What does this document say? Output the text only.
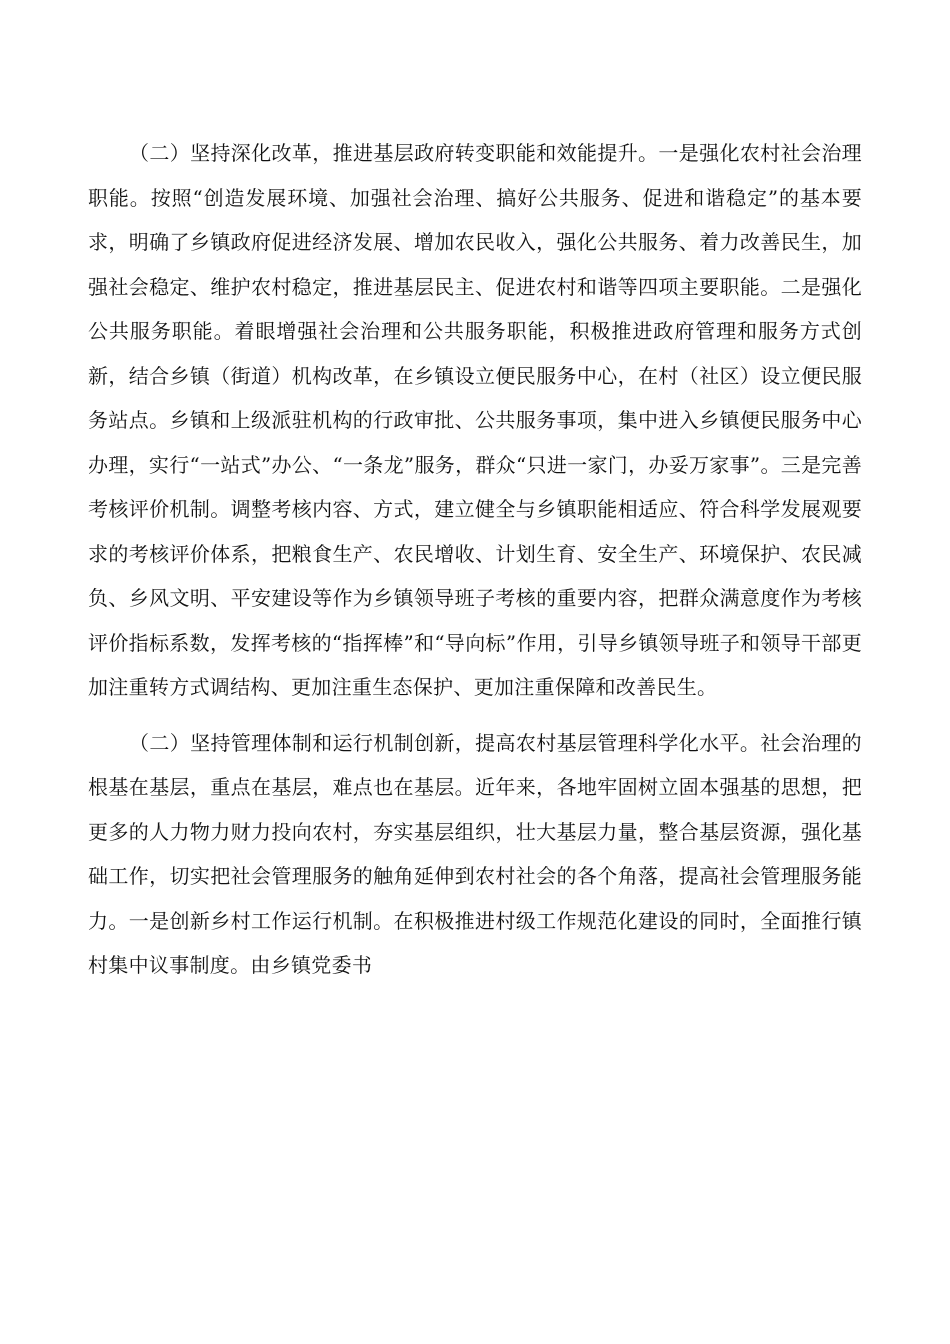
（二）坚持深化改革，推进基层政府转变职能和效能提升。一是强化农村社会治理职能。按照“创造发展环境、加强社会治理、搞好公共服务、促进和谐稳定”的基本要求，明确了乡镇政府促进经济发展、增加农民收入，强化公共服务、着力改善民生，加强社会稳定、维护农村稳定，推进基层民主、促进农村和谐等四项主要职能。二是强化公共服务职能。着眼增强社会治理和公共服务职能，积极推进政府管理和服务方式创新，结合乡镇（街道）机构改革，在乡镇设立便民服务中心，在村（社区）设立便民服务站点。乡镇和上级派驻机构的行政审批、公共服务事项，集中进入乡镇便民服务中心办理，实行“一站式”办公、“一条龙”服务，群众“只进一家门，办妥万家事”。三是完善考核评价机制。调整考核内容、方式，建立健全与乡镇职能相适应、符合科学发展观要求的考核评价体系，把粮食生产、农民增收、计划生育、安全生产、环境保护、农民减负、乡风文明、平安建设等作为乡镇领导班子考核的重要内容，把群众满意度作为考核评价指标系数，发挥考核的“指挥棒”和“导向标”作用，引导乡镇领导班子和领导干部更加注重转方式调结构、更加注重生态保护、更加注重保障和改善民生。

（二）坚持管理体制和运行机制创新，提高农村基层管理科学化水平。社会治理的根基在基层，重点在基层，难点也在基层。近年来，各地牢固树立固本强基的思想，把更多的人力物力财力投向农村，夯实基层组织，壮大基层力量，整合基层资源，强化基础工作，切实把社会管理服务的触角延伸到农村社会的各个角落，提高社会管理服务能力。一是创新乡村工作运行机制。在积极推进村级工作规范化建设的同时，全面推行镇村集中议事制度。由乡镇党委书
